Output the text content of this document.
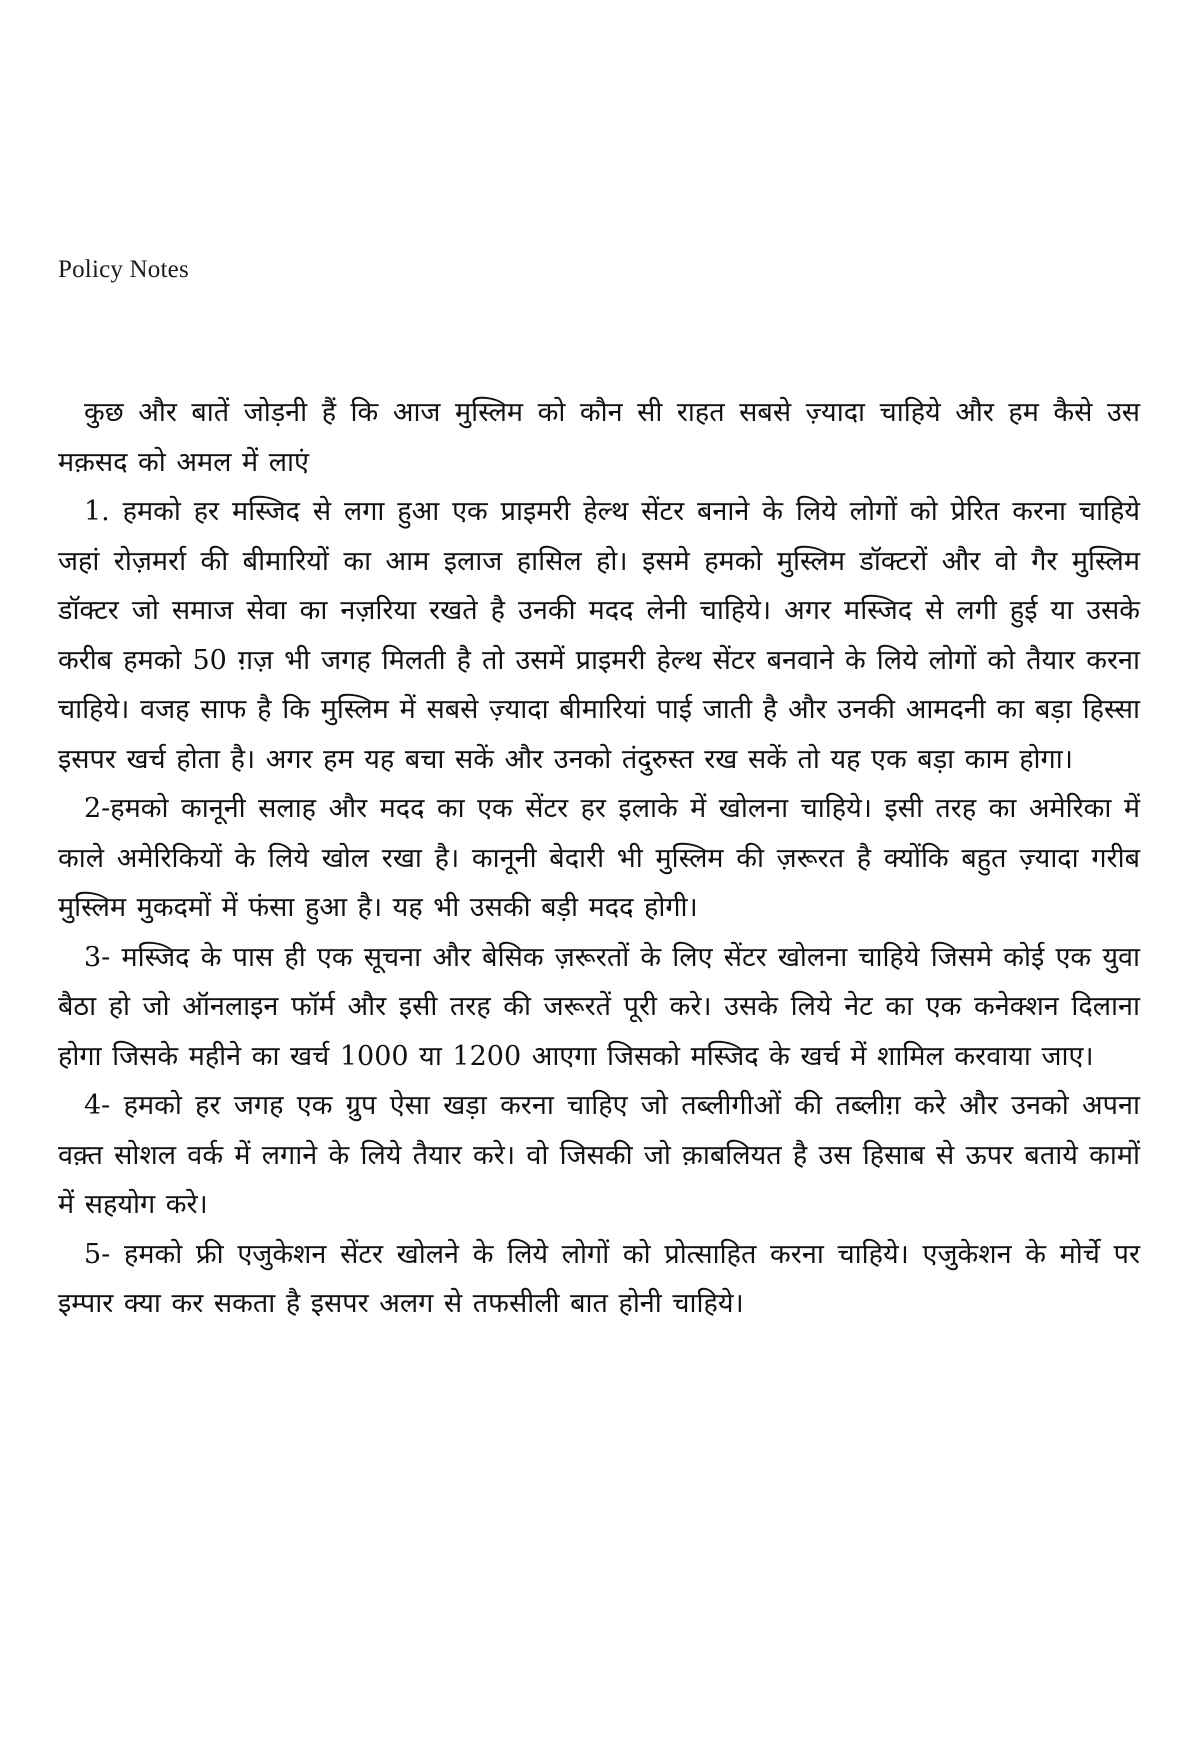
Policy Notes

कुछ और बातें जोड़नी हैं कि आज मुस्लिम को कौन सी राहत सबसे ज़्यादा चाहिये और हम कैसे उस मक़सद को अमल में लाएं

1. हमको हर मस्जिद से लगा हुआ एक प्राइमरी हेल्थ सेंटर बनाने के लिये लोगों को प्रेरित करना चाहिये जहां रोज़मर्रा की बीमारियों का आम इलाज हासिल हो। इसमे हमको मुस्लिम डॉक्टरों और वो गैर मुस्लिम डॉक्टर जो समाज सेवा का नज़रिया रखते है उनकी मदद लेनी चाहिये। अगर मस्जिद से लगी हुई या उसके करीब हमको 50 ग़ज़ भी जगह मिलती है तो उसमें प्राइमरी हेल्थ सेंटर बनवाने के लिये लोगों को तैयार करना चाहिये। वजह साफ है कि मुस्लिम में सबसे ज़्यादा बीमारियां पाई जाती है और उनकी आमदनी का बड़ा हिस्सा इसपर खर्च होता है। अगर हम यह बचा सकें और उनको तंदुरुस्त रख सकें तो यह एक बड़ा काम होगा।

2-हमको कानूनी सलाह और मदद का एक सेंटर हर इलाके में खोलना चाहिये। इसी तरह का अमेरिका में काले अमेरिकियों के लिये खोल रखा है। कानूनी बेदारी भी मुस्लिम की ज़रूरत है क्योंकि बहुत ज़्यादा गरीब मुस्लिम मुकदमों में फंसा हुआ है। यह भी उसकी बड़ी मदद होगी।

3- मस्जिद के पास ही एक सूचना और बेसिक ज़रूरतों के लिए सेंटर खोलना चाहिये जिसमे कोई एक युवा बैठा हो जो ऑनलाइन फॉर्म और इसी तरह की जरूरतें पूरी करे। उसके लिये नेट का एक कनेक्शन दिलाना होगा जिसके महीने का खर्च 1000 या 1200 आएगा जिसको मस्जिद के खर्च में शामिल करवाया जाए।

4- हमको हर जगह एक ग्रुप ऐसा खड़ा करना चाहिए जो तब्लीगीओं की तब्लीग़ करे और उनको अपना वक़्त सोशल वर्क में लगाने के लिये तैयार करे। वो जिसकी जो क़ाबलियत है उस हिसाब से ऊपर बताये कामों में सहयोग करे।

5- हमको फ्री एजुकेशन सेंटर खोलने के लिये लोगों को प्रोत्साहित करना चाहिये। एजुकेशन के मोर्चे पर इम्पार क्या कर सकता है इसपर अलग से तफसीली बात होनी चाहिये।
